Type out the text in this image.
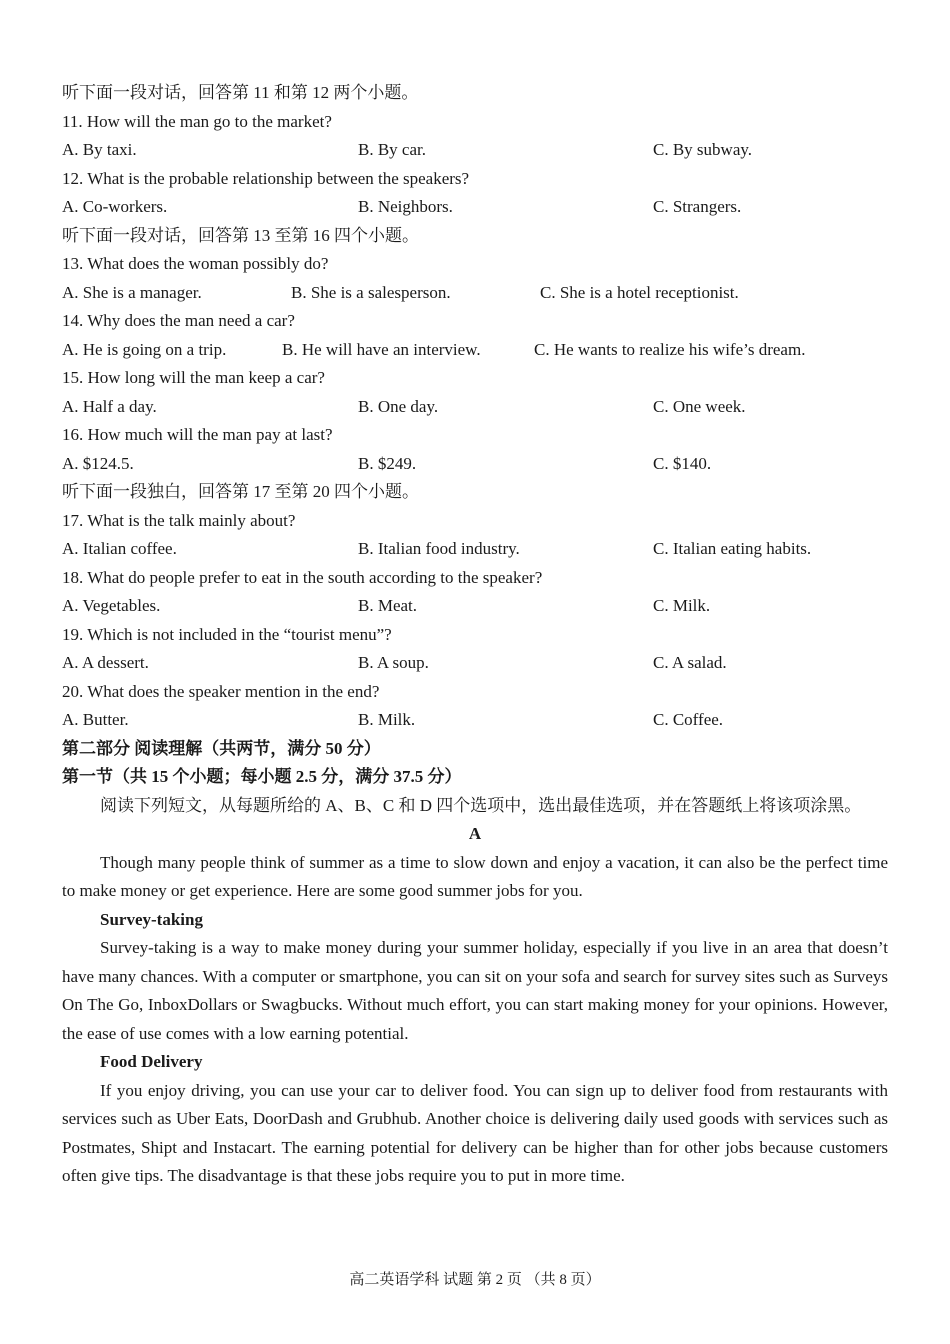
听下面一段对话，回答第 11 和第 12 两个小题。
11. How will the man go to the market?
A. By taxi.	B. By car.	C. By subway.
12. What is the probable relationship between the speakers?
A. Co-workers.	B. Neighbors.	C. Strangers.
听下面一段对话，回答第 13 至第 16 四个小题。
13. What does the woman possibly do?
A. She is a manager.	B. She is a salesperson.	C. She is a hotel receptionist.
14. Why does the man need a car?
A. He is going on a trip.	B. He will have an interview.	C. He wants to realize his wife’s dream.
15. How long will the man keep a car?
A. Half a day.	B. One day.	C. One week.
16. How much will the man pay at last?
A. $124.5.	B. $249.	C. $140.
听下面一段独白，回答第 17 至第 20 四个小题。
17. What is the talk mainly about?
A. Italian coffee.	B. Italian food industry.	C. Italian eating habits.
18. What do people prefer to eat in the south according to the speaker?
A. Vegetables.	B. Meat.	C. Milk.
19. Which is not included in the “tourist menu”?
A. A dessert.	B. A soup.	C. A salad.
20. What does the speaker mention in the end?
A. Butter.	B. Milk.	C. Coffee.
第二部分 阅读理解（共两节，满分 50 分）
第一节（共 15 个小题；每小题 2.5 分，满分 37.5 分）

阅读下列短文，从每题所给的 A、B、C 和 D 四个选项中，选出最佳选项，并在答题纸上将该项涂黑。

A

Though many people think of summer as a time to slow down and enjoy a vacation, it can also be the perfect time to make money or get experience. Here are some good summer jobs for you.

Survey-taking

Survey-taking is a way to make money during your summer holiday, especially if you live in an area that doesn’t have many chances. With a computer or smartphone, you can sit on your sofa and search for survey sites such as Surveys On The Go, InboxDollars or Swagbucks. Without much effort, you can start making money for your opinions. However, the ease of use comes with a low earning potential.

Food Delivery

If you enjoy driving, you can use your car to deliver food. You can sign up to deliver food from restaurants with services such as Uber Eats, DoorDash and Grubhub. Another choice is delivering daily used goods with services such as Postmates, Shipt and Instacart. The earning potential for delivery can be higher than for other jobs because customers often give tips. The disadvantage is that these jobs require you to put in more time.

高二英语学科 试题 第 2 页 （共 8 页）
